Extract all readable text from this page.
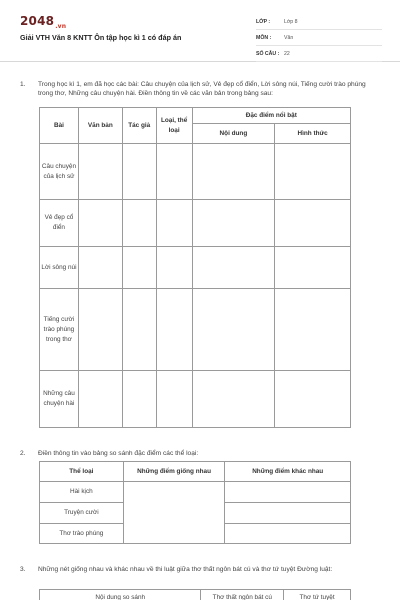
$2048_{.vn}$
Giải VTH Văn 8 KNTT Ôn tập học kì 1 có đáp án
LỚP :	Lớp 8
MÔN :	Văn
SỐ CÂU : 22
1. Trong học kì 1, em đã học các bài: Câu chuyện của lịch sử, Vẻ đẹp cổ điển, Lời sông núi, Tiếng cười trào phúng trong thơ, Những câu chuyện hài. Điền thông tin về các văn bản trong bảng sau:
Bài	Văn bản	Tác giả	Loại, thể loại	Đặc điểm nổi bật	
				Nội dung	Hình thức
Câu chuyện của lịch sử					
Vẻ đẹp cổ điển					
Lời sông núi					
Tiếng cười trào phúng trong thơ					
Những câu chuyện hài					
2. Điền thông tin vào bảng so sánh đặc điểm các thể loại:
Thể loại	Những điểm giống nhau	Những điểm khác nhau
Hài kịch		
Truyện cười		
Thơ trào phúng		
3. Những nét giống nhau và khác nhau về thi luật giữa thơ thất ngôn bát cú và thơ tứ tuyệt Đường luật:
Nội dung so sánh	Thơ thất ngôn bát cú	Thơ tứ tuyệt
